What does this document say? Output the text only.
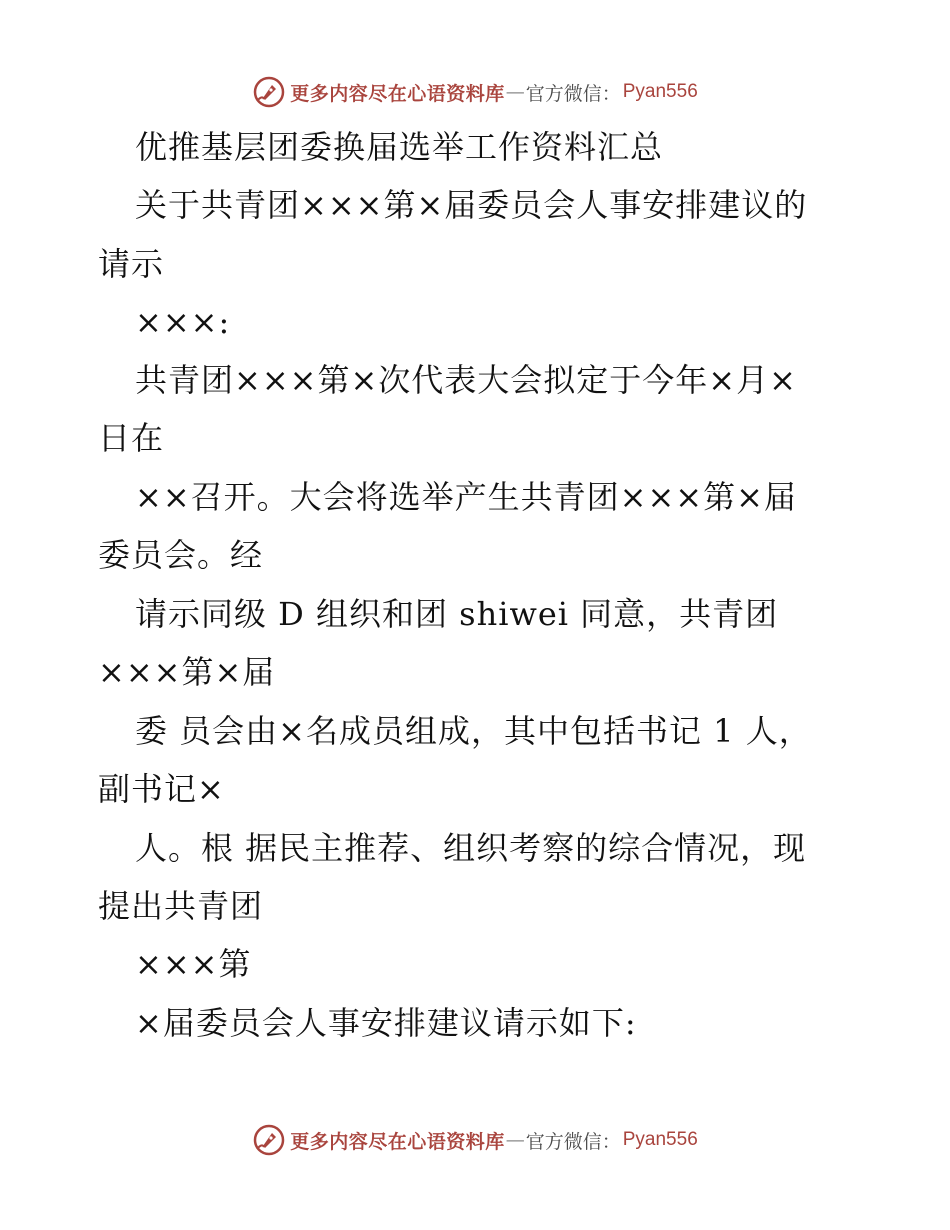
更多内容尽在心语资料库 — 官方微信： Pyan556
优推基层团委换届选举工作资料汇总
关于共青团×××第×届委员会人事安排建议的
请示
×××:
共青团×××第×次代表大会拟定于今年×月×
日在
××召开。大会将选举产生共青团×××第×届
委员会。经
请示同级 D 组织和团 shiwei 同意，共青团
×××第×届
委 员会由×名成员组成，其中包括书记 1 人，
副书记×
人。根 据民主推荐、组织考察的综合情况，现
提出共青团
×××第
×届委员会人事安排建议请示如下:
更多内容尽在心语资料库 — 官方微信： Pyan556
